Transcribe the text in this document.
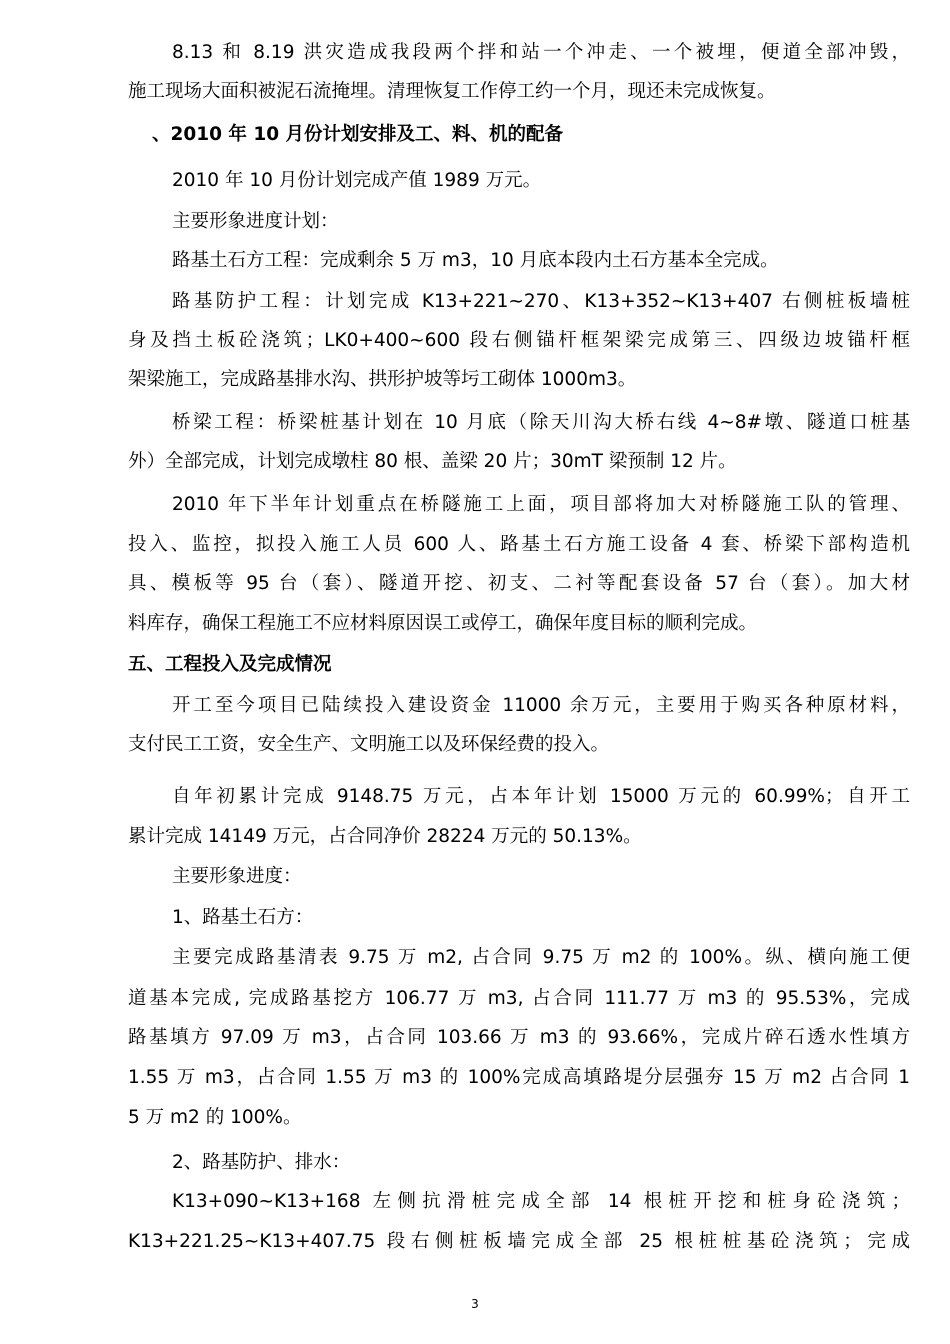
8.13 和 8.19 洪灾造成我段两个拌和站一个冲走、一个被埋，便道全部冲毁，
施工现场大面积被泥石流掩埋。清理恢复工作停工约一个月，现还未完成恢复。
、2010 年 10 月份计划安排及工、料、机的配备
2010 年 10 月份计划完成产值 1989 万元。
主要形象进度计划：
路基土石方工程：完成剩余 5 万 m3，10 月底本段内土石方基本全完成。
路基防护工程：计划完成 K13+221~270、K13+352~K13+407 右侧桩板墙桩
身及挡土板砼浇筑；LK0+400~600 段右侧锚杆框架梁完成第三、四级边坡锚杆框
架梁施工，完成路基排水沟、拱形护坡等圬工砌体 1000m3。
桥梁工程：桥梁桩基计划在 10 月底（除天川沟大桥右线 4~8#墩、隧道口桩基
外）全部完成，计划完成墩柱 80 根、盖梁 20 片；30mT 梁预制 12 片。
2010 年下半年计划重点在桥隧施工上面，项目部将加大对桥隧施工队的管理、
投入、监控，拟投入施工人员 600 人、路基土石方施工设备 4 套、桥梁下部构造机
具、模板等 95 台（套）、隧道开挖、初支、二衬等配套设备 57 台（套）。加大材
料库存，确保工程施工不应材料原因误工或停工，确保年度目标的顺利完成。
五、工程投入及完成情况
开工至今项目已陆续投入建设资金 11000 余万元，主要用于购买各种原材料，
支付民工工资，安全生产、文明施工以及环保经费的投入。
自年初累计完成 9148.75 万元，占本年计划 15000 万元的 60.99%；自开工
累计完成 14149 万元，占合同净价 28224 万元的 50.13%。
主要形象进度：
1、路基土石方：
主要完成路基清表 9.75 万 m2, 占合同 9.75 万 m2 的 100%。纵、横向施工便
道基本完成, 完成路基挖方 106.77 万 m3, 占合同 111.77 万 m3 的 95.53%，完成
路基填方 97.09 万 m3，占合同 103.66 万 m3 的 93.66%，完成片碎石透水性填方
1.55 万 m3，占合同 1.55 万 m3 的 100%完成高填路堤分层强夯 15 万 m2 占合同 1
5 万 m2 的 100%。
2、路基防护、排水：
K13+090~K13+168 左侧抗滑桩完成全部 14 根桩开挖和桩身砼浇筑；
K13+221.25~K13+407.75 段右侧桩板墙完成全部 25 根桩桩基砼浇筑；完成
3
